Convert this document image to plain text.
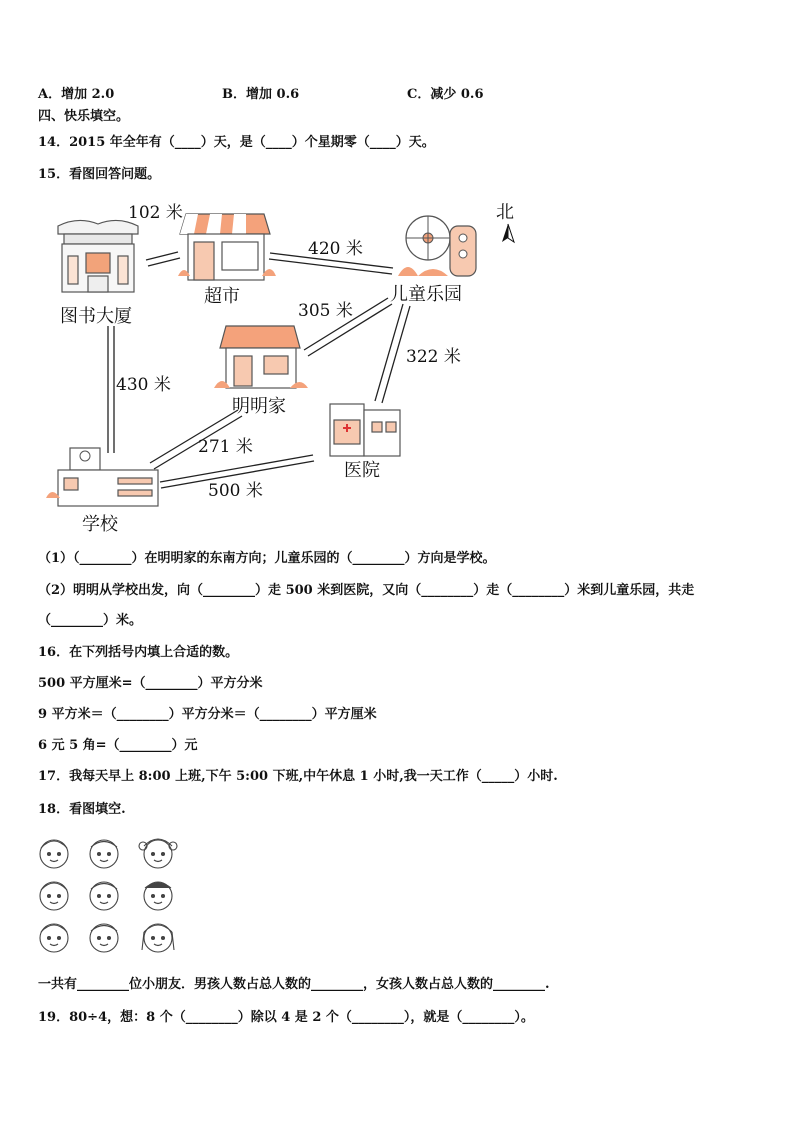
A．增加 2.0	B．增加 0.6	C．减少 0.6
四、快乐填空。
14．2015 年全年有（____）天，是（____）个星期零（____）天。
15．看图回答问题。
北
图书大厦
超市	儿童乐园
明明家
医院
学校
102 米
420 米
305 米
322 米
430 米
271 米
500 米
（1）（________）在明明家的东南方向；儿童乐园的（________）方向是学校。
（2）明明从学校出发，向（________）走 500 米到医院，又向（________）走（________）米到儿童乐园，共走
（________）米。
16．在下列括号内填上合适的数。
500 平方厘米=（________）平方分米
9 平方米＝（________）平方分米＝（________）平方厘米
6 元 5 角=（________）元
17．我每天早上 8:00 上班,下午 5:00 下班,中午休息 1 小时,我一天工作（_____）小时.
18．看图填空.
一共有________位小朋友．男孩人数占总人数的________，女孩人数占总人数的________.
19．80÷4，想：8 个（________）除以 4 是 2 个（________），就是（________）。
